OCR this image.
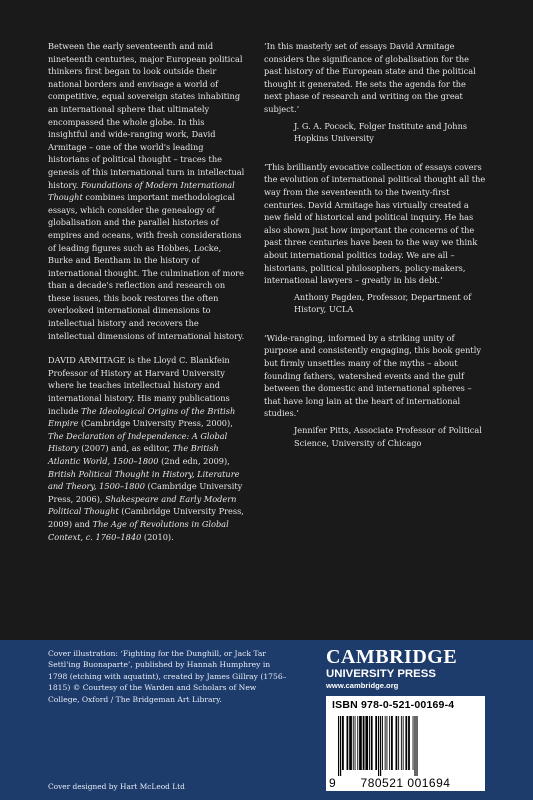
Between the early seventeenth and mid nineteenth centuries, major European political thinkers first began to look outside their national borders and envisage a world of competitive, equal sovereign states inhabiting an international sphere that ultimately encompassed the whole globe. In this insightful and wide-ranging work, David Armitage – one of the world's leading historians of political thought – traces the genesis of this international turn in intellectual history. Foundations of Modern International Thought combines important methodological essays, which consider the genealogy of globalisation and the parallel histories of empires and oceans, with fresh considerations of leading figures such as Hobbes, Locke, Burke and Bentham in the history of international thought. The culmination of more than a decade's reflection and research on these issues, this book restores the often overlooked international dimensions to intellectual history and recovers the intellectual dimensions of international history.

DAVID ARMITAGE is the Lloyd C. Blankfein Professor of History at Harvard University where he teaches intellectual history and international history. His many publications include The Ideological Origins of the British Empire (Cambridge University Press, 2000), The Declaration of Independence: A Global History (2007) and, as editor, The British Atlantic World, 1500–1800 (2nd edn, 2009), British Political Thought in History, Literature and Theory, 1500–1800 (Cambridge University Press, 2006), Shakespeare and Early Modern Political Thought (Cambridge University Press, 2009) and The Age of Revolutions in Global Context, c. 1760–1840 (2010).

‘In this masterly set of essays David Armitage considers the significance of globalisation for the past history of the European state and the political thought it generated. He sets the agenda for the next phase of research and writing on the great subject.’

J. G. A. Pocock, Folger Institute and Johns Hopkins University

‘This brilliantly evocative collection of essays covers the evolution of international political thought all the way from the seventeenth to the twenty-first centuries. David Armitage has virtually created a new field of historical and political inquiry. He has also shown just how important the concerns of the past three centuries have been to the way we think about international politics today. We are all – historians, political philosophers, policy-makers, international lawyers – greatly in his debt.’

Anthony Pagden, Professor, Department of History, UCLA

‘Wide-ranging, informed by a striking unity of purpose and consistently engaging, this book gently but firmly unsettles many of the myths – about founding fathers, watershed events and the gulf between the domestic and international spheres – that have long lain at the heart of international studies.’

Jennifer Pitts, Associate Professor of Political Science, University of Chicago

Cover illustration: ‘Fighting for the Dunghill, or Jack Tar Settl'ing Buonaparte’, published by Hannah Humphrey in 1798 (etching with aquatint), created by James Gillray (1756–1815) © Courtesy of the Warden and Scholars of New College, Oxford / The Bridgeman Art Library.

Cover designed by Hart McLeod Ltd

CAMBRIDGE
UNIVERSITY PRESS
www.cambridge.org
ISBN 978-0-521-00169-4
9	780521 001694
